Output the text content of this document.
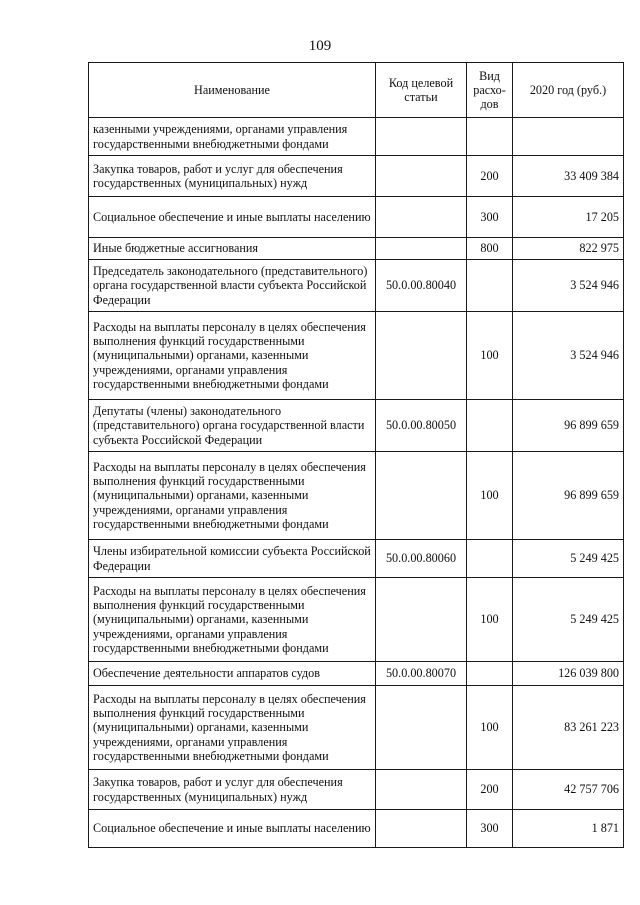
109
Наименование	Код целевой статьи	Вид расхо-дов	2020 год (руб.)
казенными учреждениями, органами управления государственными внебюджетными фондами			
Закупка товаров, работ и услуг для обеспечения государственных (муниципальных) нужд		200	33 409 384
Социальное обеспечение и иные выплаты населению		300	17 205
Иные бюджетные ассигнования		800	822 975
Председатель законодательного (представительного) органа государственной власти субъекта Российской Федерации	50.0.00.80040		3 524 946
Расходы на выплаты персоналу в целях обеспечения выполнения функций государственными (муниципальными) органами, казенными учреждениями, органами управления государственными внебюджетными фондами		100	3 524 946
Депутаты (члены) законодательного (представительного) органа государственной власти субъекта Российской Федерации	50.0.00.80050		96 899 659
Расходы на выплаты персоналу в целях обеспечения выполнения функций государственными (муниципальными) органами, казенными учреждениями, органами управления государственными внебюджетными фондами		100	96 899 659
Члены избирательной комиссии субъекта Российской Федерации	50.0.00.80060		5 249 425
Расходы на выплаты персоналу в целях обеспечения выполнения функций государственными (муниципальными) органами, казенными учреждениями, органами управления государственными внебюджетными фондами		100	5 249 425
Обеспечение деятельности аппаратов судов	50.0.00.80070		126 039 800
Расходы на выплаты персоналу в целях обеспечения выполнения функций государственными (муниципальными) органами, казенными учреждениями, органами управления государственными внебюджетными фондами		100	83 261 223
Закупка товаров, работ и услуг для обеспечения государственных (муниципальных) нужд		200	42 757 706
Социальное обеспечение и иные выплаты населению		300	1 871
